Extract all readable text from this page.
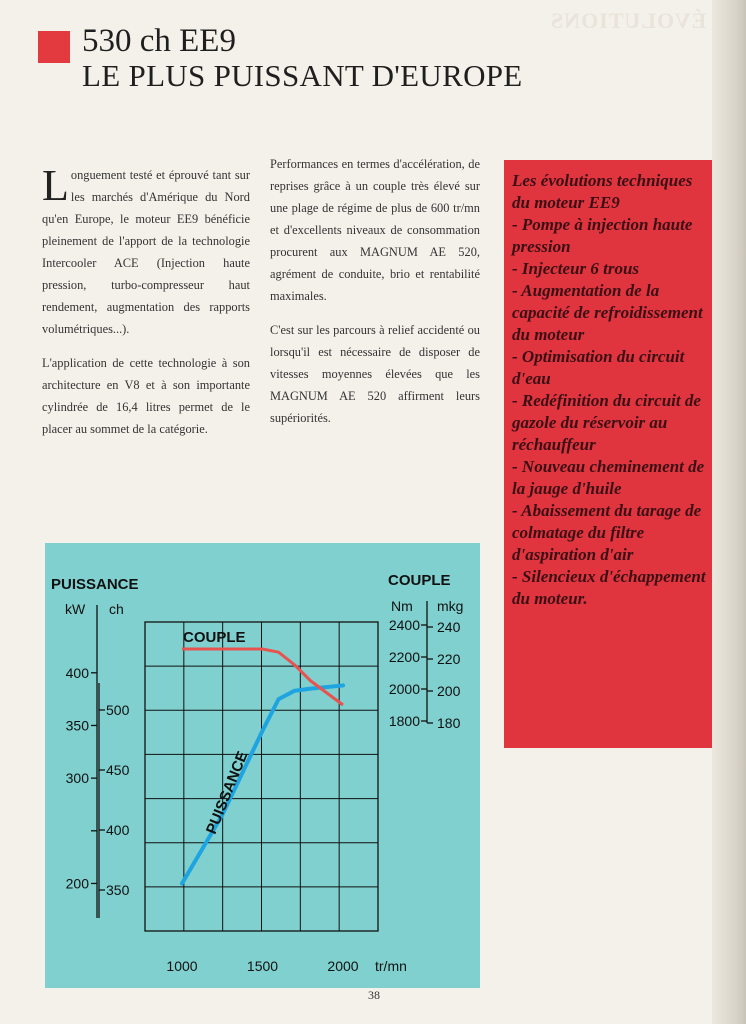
ÉVOLUTIONS
530 ch EE9
LE PLUS PUISSANT D'EUROPE

Longuement testé et éprouvé tant sur les marchés d'Amérique du Nord qu'en Europe, le moteur EE9 bénéficie pleinement de l'apport de la technologie Intercooler ACE (Injection haute pression, turbo-compresseur haut rendement, augmentation des rapports volumétriques...).

L'application de cette technologie à son architecture en V8 et à son importante cylindrée de 16,4 litres permet de le placer au sommet de la catégorie.

Performances en termes d'accélération, de reprises grâce à un couple très élevé sur une plage de régime de plus de 600 tr/mn et d'excellents niveaux de consommation procurent aux MAGNUM AE 520, agrément de conduite, brio et rentabilité maximales.

C'est sur les parcours à relief accidenté ou lorsqu'il est nécessaire de disposer de vitesses moyennes élevées que les MAGNUM AE 520 affirment leurs supériorités.

Les évolutions techniques du moteur EE9
- Pompe à injection haute pression
- Injecteur 6 trous
- Augmentation de la capacité de refroidissement du moteur
- Optimisation du circuit d'eau
- Redéfinition du circuit de gazole du réservoir au réchauffeur
- Nouveau cheminement de la jauge d'huile
- Abaissement du tarage de colmatage du filtre d'aspiration d'air
- Silencieux d'échappement du moteur.
PUISSANCE	COUPLE
kW ch	Nm mkg
200
300
350
400
350
400
450
500
1800
2000
2200
2400
180
200
220
240
1000	1500	2000 tr/mn
COUPLE
PUISSANCE
38
